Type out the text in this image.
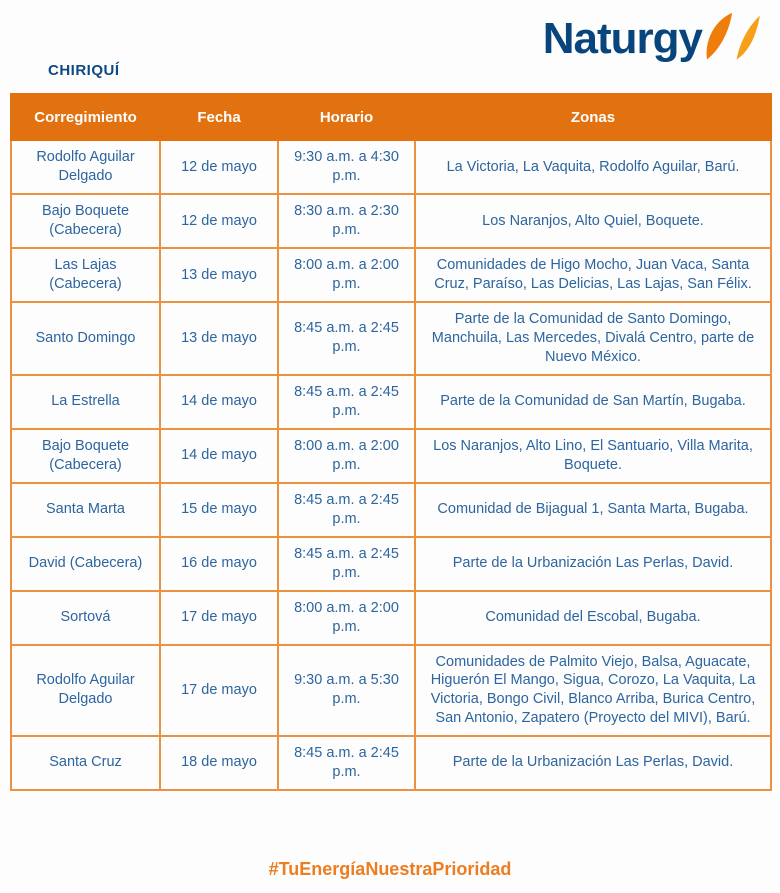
CHIRIQUÍ
Naturgy
Corregimiento	Fecha	Horario	Zonas
Rodolfo Aguilar Delgado	12 de mayo	9:30 a.m. a 4:30 p.m.	La Victoria, La Vaquita, Rodolfo Aguilar, Barú.
Bajo Boquete (Cabecera)	12 de mayo	8:30 a.m. a 2:30 p.m.	Los Naranjos, Alto Quiel, Boquete.
Las Lajas (Cabecera)	13 de mayo	8:00 a.m. a 2:00 p.m.	Comunidades de Higo Mocho, Juan Vaca, Santa Cruz, Paraíso, Las Delicias, Las Lajas, San Félix.
Santo Domingo	13 de mayo	8:45 a.m. a 2:45 p.m.	Parte de la Comunidad de Santo Domingo, Manchuila, Las Mercedes, Divalá Centro, parte de Nuevo México.
La Estrella	14 de mayo	8:45 a.m. a 2:45 p.m.	Parte de la Comunidad de San Martín, Bugaba.
Bajo Boquete (Cabecera)	14 de mayo	8:00 a.m. a 2:00 p.m.	Los Naranjos, Alto Lino, El Santuario, Villa Marita, Boquete.
Santa Marta	15 de mayo	8:45 a.m. a 2:45 p.m.	Comunidad de Bijagual 1, Santa Marta, Bugaba.
David (Cabecera)	16 de mayo	8:45 a.m. a 2:45 p.m.	Parte de la Urbanización Las Perlas, David.
Sortová	17 de mayo	8:00 a.m. a 2:00 p.m.	Comunidad del Escobal, Bugaba.
Rodolfo Aguilar Delgado	17 de mayo	9:30 a.m. a 5:30 p.m.	Comunidades de Palmito Viejo, Balsa, Aguacate, Higuerón El Mango, Sigua, Corozo, La Vaquita, La Victoria, Bongo Civil, Blanco Arriba, Burica Centro, San Antonio, Zapatero (Proyecto del MIVI), Barú.
Santa Cruz	18 de mayo	8:45 a.m. a 2:45 p.m.	Parte de la Urbanización Las Perlas, David.
#TuEnergíaNuestraPrioridad
